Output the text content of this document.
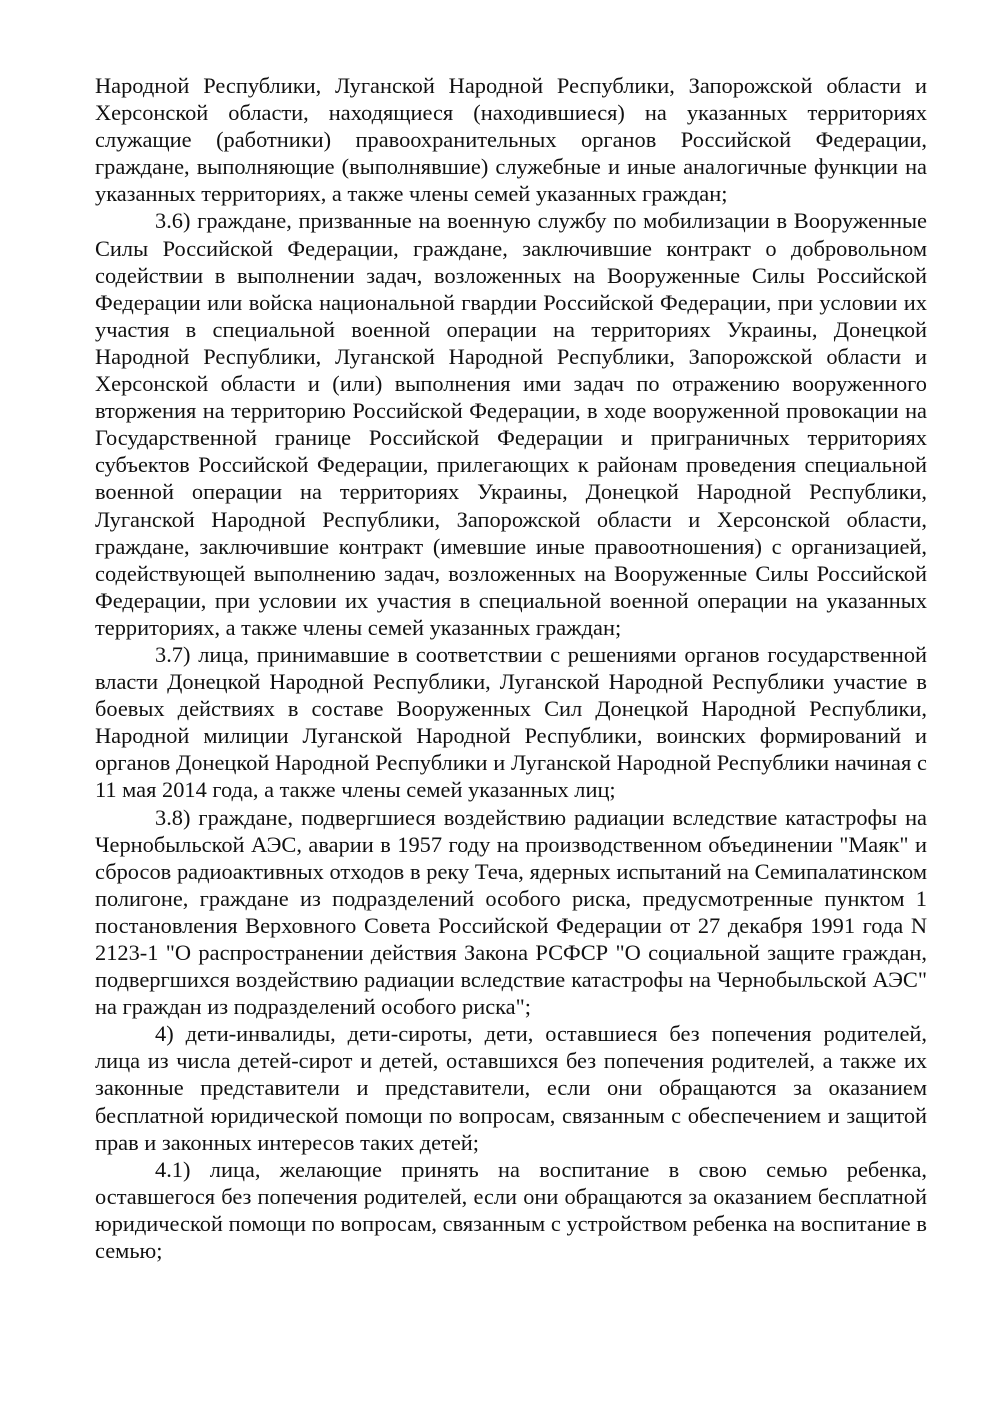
Народной Республики, Луганской Народной Республики, Запорожской области и Херсонской области, находящиеся (находившиеся) на указанных территориях служащие (работники) правоохранительных органов Российской Федерации, граждане, выполняющие (выполнявшие) служебные и иные аналогичные функции на указанных территориях, а также члены семей указанных граждан;

3.6) граждане, призванные на военную службу по мобилизации в Вооруженные Силы Российской Федерации, граждане, заключившие контракт о добровольном содействии в выполнении задач, возложенных на Вооруженные Силы Российской Федерации или войска национальной гвардии Российской Федерации, при условии их участия в специальной военной операции на территориях Украины, Донецкой Народной Республики, Луганской Народной Республики, Запорожской области и Херсонской области и (или) выполнения ими задач по отражению вооруженного вторжения на территорию Российской Федерации, в ходе вооруженной провокации на Государственной границе Российской Федерации и приграничных территориях субъектов Российской Федерации, прилегающих к районам проведения специальной военной операции на территориях Украины, Донецкой Народной Республики, Луганской Народной Республики, Запорожской области и Херсонской области, граждане, заключившие контракт (имевшие иные правоотношения) с организацией, содействующей выполнению задач, возложенных на Вооруженные Силы Российской Федерации, при условии их участия в специальной военной операции на указанных территориях, а также члены семей указанных граждан;

3.7) лица, принимавшие в соответствии с решениями органов государственной власти Донецкой Народной Республики, Луганской Народной Республики участие в боевых действиях в составе Вооруженных Сил Донецкой Народной Республики, Народной милиции Луганской Народной Республики, воинских формирований и органов Донецкой Народной Республики и Луганской Народной Республики начиная с 11 мая 2014 года, а также члены семей указанных лиц;

3.8) граждане, подвергшиеся воздействию радиации вследствие катастрофы на Чернобыльской АЭС, аварии в 1957 году на производственном объединении "Маяк" и сбросов радиоактивных отходов в реку Теча, ядерных испытаний на Семипалатинском полигоне, граждане из подразделений особого риска, предусмотренные пунктом 1 постановления Верховного Совета Российской Федерации от 27 декабря 1991 года N 2123-1 "О распространении действия Закона РСФСР "О социальной защите граждан, подвергшихся воздействию радиации вследствие катастрофы на Чернобыльской АЭС" на граждан из подразделений особого риска";

4) дети-инвалиды, дети-сироты, дети, оставшиеся без попечения родителей, лица из числа детей-сирот и детей, оставшихся без попечения родителей, а также их законные представители и представители, если они обращаются за оказанием бесплатной юридической помощи по вопросам, связанным с обеспечением и защитой прав и законных интересов таких детей;

4.1) лица, желающие принять на воспитание в свою семью ребенка, оставшегося без попечения родителей, если они обращаются за оказанием бесплатной юридической помощи по вопросам, связанным с устройством ребенка на воспитание в семью;
